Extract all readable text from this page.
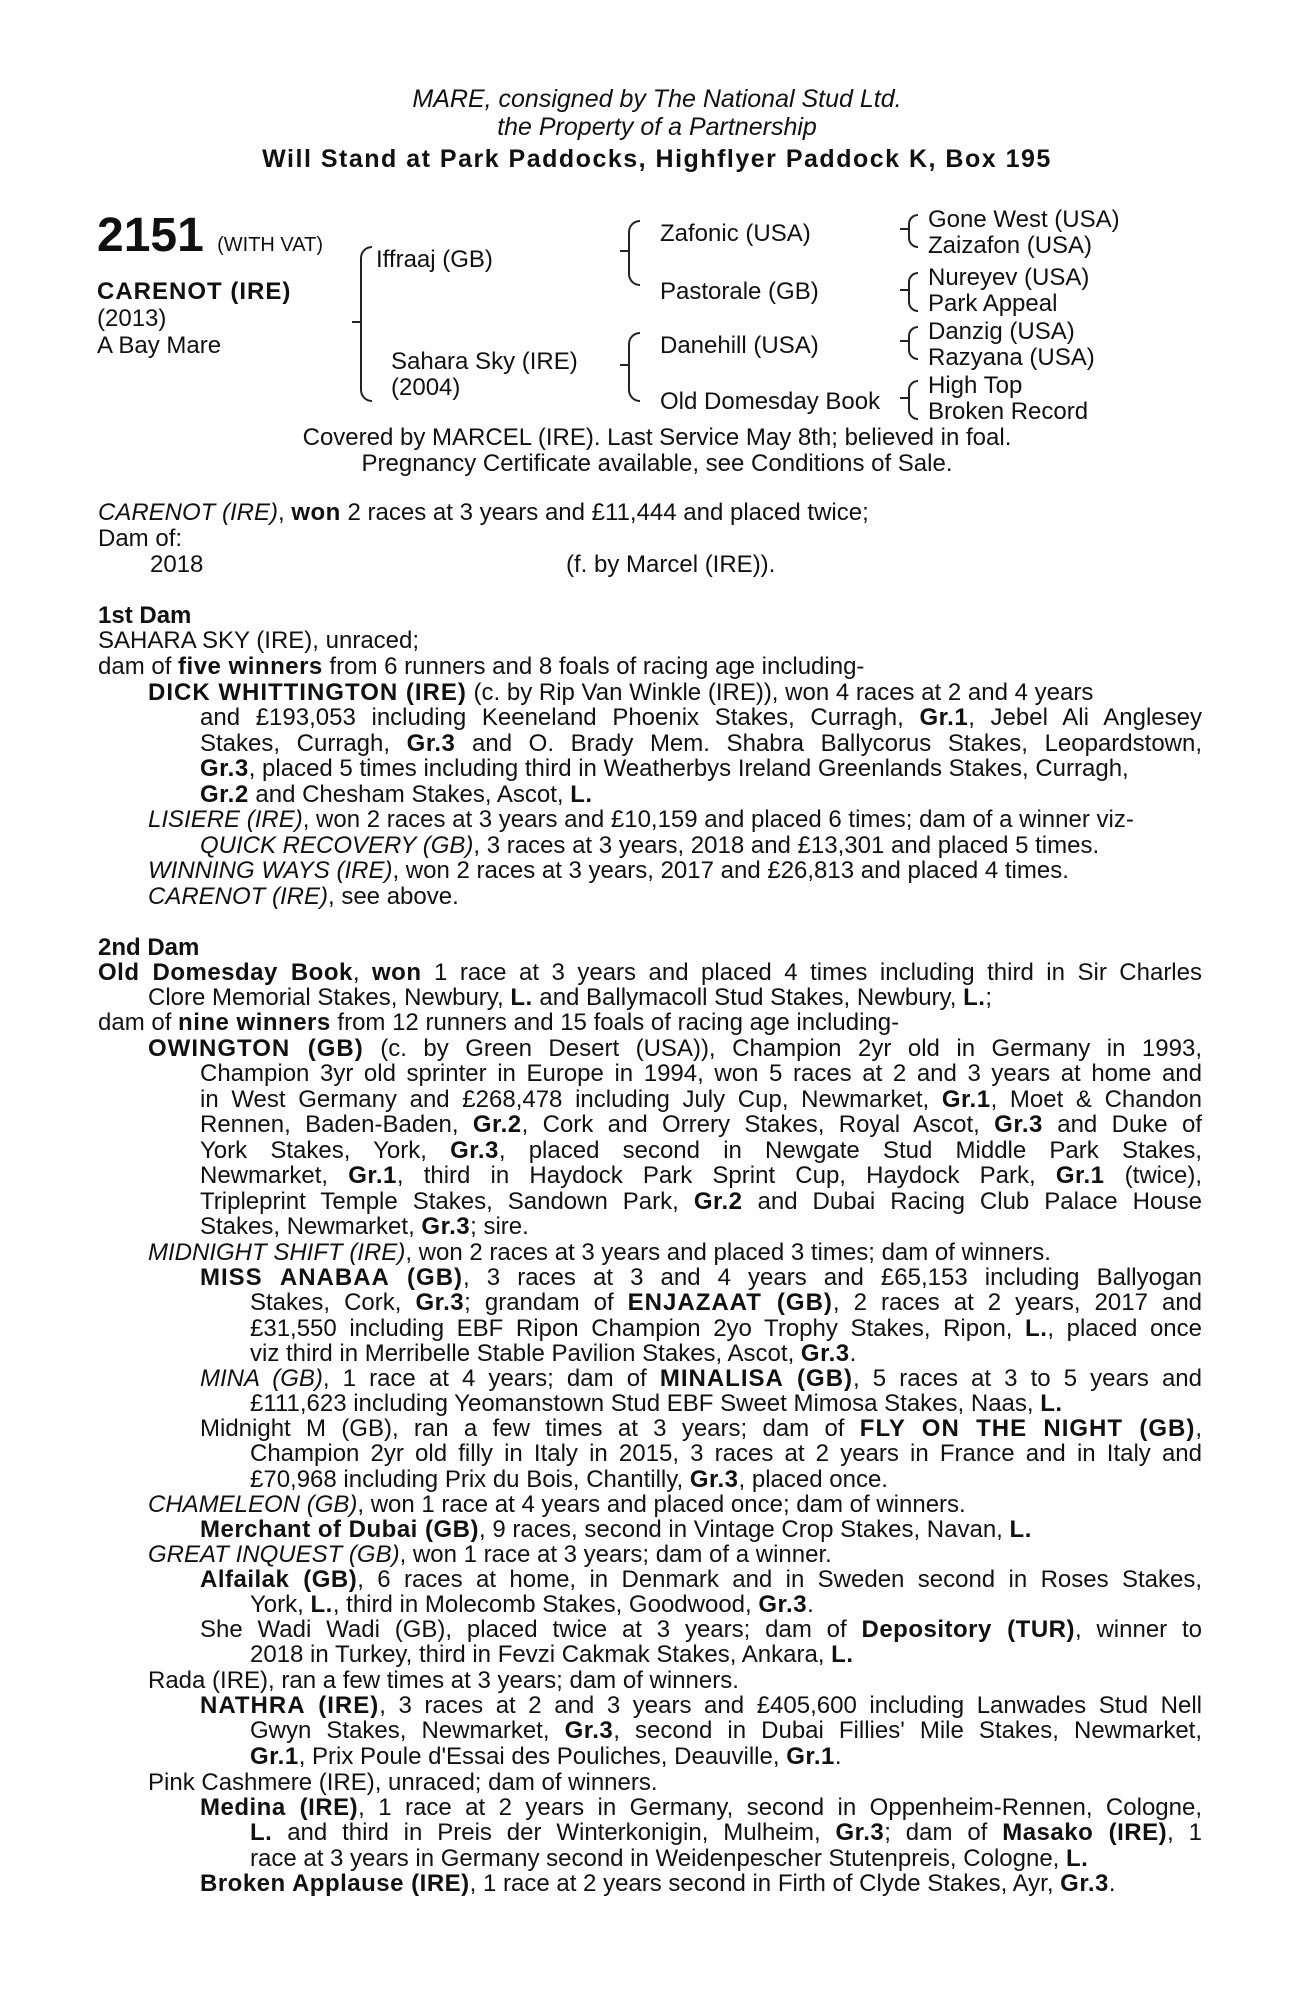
MARE, consigned by The National Stud Ltd.
the Property of a Partnership
Will Stand at Park Paddocks, Highflyer Paddock K, Box 195
2151 (WITH VAT)
CARENOT (IRE)
(2013)
A Bay Mare
Iffraaj (GB)
Sahara Sky (IRE)
(2004)
Zafonic (USA)
Pastorale (GB)
Danehill (USA)
Old Domesday Book
Gone West (USA)
Zaizafon (USA)
Nureyev (USA)
Park Appeal
Danzig (USA)
Razyana (USA)
High Top
Broken Record
Covered by MARCEL (IRE). Last Service May 8th; believed in foal.
Pregnancy Certificate available, see Conditions of Sale.
CARENOT (IRE), won 2 races at 3 years and £11,444 and placed twice;
Dam of:
2018	(f. by Marcel (IRE)).
1st Dam
SAHARA SKY (IRE), unraced;
dam of five winners from 6 runners and 8 foals of racing age including-

DICK WHITTINGTON (IRE) (c. by Rip Van Winkle (IRE)), won 4 races at 2 and 4 years

and £193,053 including Keeneland Phoenix Stakes, Curragh, Gr.1, Jebel Ali Anglesey

Stakes, Curragh, Gr.3 and O. Brady Mem. Shabra Ballycorus Stakes, Leopardstown,

Gr.3, placed 5 times including third in Weatherbys Ireland Greenlands Stakes, Curragh,

Gr.2 and Chesham Stakes, Ascot, L.

LISIERE (IRE), won 2 races at 3 years and £10,159 and placed 6 times; dam of a winner viz-
QUICK RECOVERY (GB), 3 races at 3 years, 2018 and £13,301 and placed 5 times.
WINNING WAYS (IRE), won 2 races at 3 years, 2017 and £26,813 and placed 4 times.
CARENOT (IRE), see above.
2nd Dam

Old Domesday Book, won 1 race at 3 years and placed 4 times including third in Sir Charles

Clore Memorial Stakes, Newbury, L. and Ballymacoll Stud Stakes, Newbury, L.;
dam of nine winners from 12 runners and 15 foals of racing age including-

OWINGTON (GB) (c. by Green Desert (USA)), Champion 2yr old in Germany in 1993,

Champion 3yr old sprinter in Europe in 1994, won 5 races at 2 and 3 years at home and

in West Germany and £268,478 including July Cup, Newmarket, Gr.1, Moet & Chandon

Rennen, Baden-Baden, Gr.2, Cork and Orrery Stakes, Royal Ascot, Gr.3 and Duke of

York Stakes, York, Gr.3, placed second in Newgate Stud Middle Park Stakes,

Newmarket, Gr.1, third in Haydock Park Sprint Cup, Haydock Park, Gr.1 (twice),

Tripleprint Temple Stakes, Sandown Park, Gr.2 and Dubai Racing Club Palace House

Stakes, Newmarket, Gr.3; sire.

MIDNIGHT SHIFT (IRE), won 2 races at 3 years and placed 3 times; dam of winners.

MISS ANABAA (GB), 3 races at 3 and 4 years and £65,153 including Ballyogan

Stakes, Cork, Gr.3; grandam of ENJAZAAT (GB), 2 races at 2 years, 2017 and

£31,550 including EBF Ripon Champion 2yo Trophy Stakes, Ripon, L., placed once

viz third in Merribelle Stable Pavilion Stakes, Ascot, Gr.3.

MINA (GB), 1 race at 4 years; dam of MINALISA (GB), 5 races at 3 to 5 years and

£111,623 including Yeomanstown Stud EBF Sweet Mimosa Stakes, Naas, L.

Midnight M (GB), ran a few times at 3 years; dam of FLY ON THE NIGHT (GB),

Champion 2yr old filly in Italy in 2015, 3 races at 2 years in France and in Italy and

£70,968 including Prix du Bois, Chantilly, Gr.3, placed once.

CHAMELEON (GB), won 1 race at 4 years and placed once; dam of winners.
Merchant of Dubai (GB), 9 races, second in Vintage Crop Stakes, Navan, L.
GREAT INQUEST (GB), won 1 race at 3 years; dam of a winner.

Alfailak (GB), 6 races at home, in Denmark and in Sweden second in Roses Stakes,

York, L., third in Molecomb Stakes, Goodwood, Gr.3.

She Wadi Wadi (GB), placed twice at 3 years; dam of Depository (TUR), winner to

2018 in Turkey, third in Fevzi Cakmak Stakes, Ankara, L.
Rada (IRE), ran a few times at 3 years; dam of winners.

NATHRA (IRE), 3 races at 2 and 3 years and £405,600 including Lanwades Stud Nell

Gwyn Stakes, Newmarket, Gr.3, second in Dubai Fillies' Mile Stakes, Newmarket,

Gr.1, Prix Poule d'Essai des Pouliches, Deauville, Gr.1.

Pink Cashmere (IRE), unraced; dam of winners.

Medina (IRE), 1 race at 2 years in Germany, second in Oppenheim-Rennen, Cologne,

L. and third in Preis der Winterkonigin, Mulheim, Gr.3; dam of Masako (IRE), 1

race at 3 years in Germany second in Weidenpescher Stutenpreis, Cologne, L.

Broken Applause (IRE), 1 race at 2 years second in Firth of Clyde Stakes, Ayr, Gr.3.
